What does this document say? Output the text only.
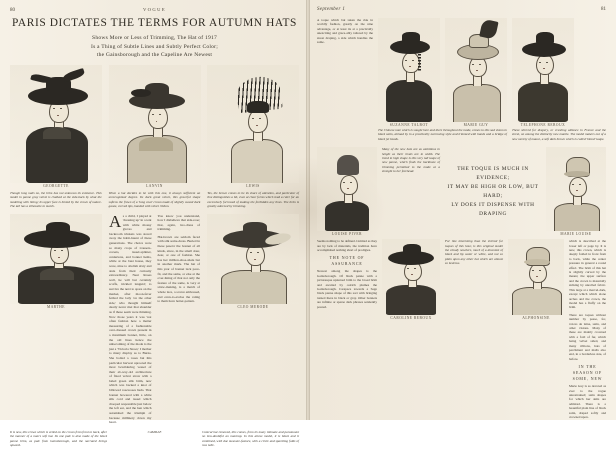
80	VOGUE
PARIS DICTATES THE TERMS FOR AUTUMN HATS
Shows More or Less of Trimming, The Hat of 1917
Is a Thing of Subtle Lines and Subtly Perfect Color;
the Gainsborough and the Capeline Are Newest
GEORGETTE	LANVIN	LEWIS

Though long nails no, the brim has not unknown its existence. This model in panne gray velvet is chalked at the side-back by what the modeling with lining; its upper face is hinted by the crown of nature. The tall has a silhouette to match.

When a hat decides to be with this one, it always sufficient an unrecognized degree. Its dark great velvet, this graceful shape softens the frown of a 'long coat' crown made of slightly waved dark gauze, curved tips, banded with velvet ribbon.

Yes, the brown comes to be its share of attention, and particular of line distinguishes a bit, even at clear forms which lead a ruler for an excessively furrowed of making the forbidden any lines. The brim is greatly adorned by trimming.

MARTHE
A s a child, I played at 'dressing up' in a tent with white mousy gloves and backroom trinkets was stored away the habit-haunt of these generations. The choice were so many crops of trousers-corsets, tassel-splinter, centurions, and bonnet hems, while at the bust house, they were, nine to abolish sixty and aisle from their curiosity extraordinary. Neat Roses well, he will but certainly scoffs, trickled languid; to survive the next to spare on the market, after moon-fever fettled the lady 'on the other side,' who thought himself dearly never met that shoulder as if these seem were thinning. Now those years it was 'not often fashion here a matter measuring of a fashionable over-dressed crown present in a maximum bonnet, little, on the old lines hence the unbecoming of the mode is the just a 'Victoria Street,' I mother to many display as to Burns. She boiled a roses but this particular harvest uprooted the most bewildering vessel of their ab-way-old architecture of fixed velvet straw with a baled green silk brim, new which was backed a knot of billowed rosewoses buds. That bonnet bowered with a white silk cord and tassel which drooped responsible just below the left ear, and the hen which astonished the triumph of because millinery down my heart.

You know you understand, how I disbelieve that side-rose; that, again, two-dress of trimming.

Hat-brown are seldom faced with silk some-dress. Buried in these pase'er the bonnet of all kinds, since, in the small dour, dear, or one of fashion. She has her million-shoe-shale but in another mark. The hat of this year of bonnet lack pace-fit, and the same, or else at the over-lining of that not only the feature of the same, is very at straw-making, is a match of whole lace, a scarce embossed, and even-to-excise the rating to them have better-pattern.

CLEO MERODE

It is new, this crown which is veiled on the crown from front to back, after the manner of a man's soft hat. Its one pale is also made of the black panne brim, as pale from Gainsborough, and the narrated brings upward.

CAMILLE	Conical hat removed, this comes, from its many intimate and paramount no less-doubtful an mantrap. In this above model, it is black and it combined, with due measure-feature, with a circle and sparkling folds of raw tulle.

September 1	81

A toque which but taken the risk in worldly fashion, greatly on the nine advantage, or at least its at a practically unexciting and grace-ably tailored by the street draping, a side which handles the same.

SUZANNE TALBOT	MARIE GUY	TELEPHONE REBOUX

The Chinese note which is sought here and there throughout the mode, comes to this sad vision in black satin, abroad by in a practically narrowing style and trimmed with bands and a bridge of black jet beads.

These shirred fur drapery, or crushing alliance in France and the street, on among the distinctly new mantle. The model makers out of a new variety of mauve, a soft dark brown which is called 'blond' taupe.

LOUISE PIVER

Many of the new hats are as ambitious in height as their rivals are in width. The trend in high shape is this very tall taupe of new panne, which finds the backbone of trimming permitted to the mode at a straight to her forehead.	THE TOQUE IS MUCH IN EVIDENCE;
IT MAY BE HIGH OR LOW, BUT HARD;
LY DOES IT DISPENSE WITH DRAPING
MARIE LOUISE

Seems nothing to be defined. Limited as they are by lack of materials, the tradition have accomplished nothing short of prodigies.

THE NOTE OF ASSURANCE

Newest among the shapes is the Gainsborough. Of black panne with a picturesque upturned brim to the broad brim and awaited by ostrich plumes the Gainsborough. Carapace towards a Sage black panne shape of this sort with bringing turned there in black or gray. Other bonnets are infinite or sparse dark phrases sentiently poured.

CAROLINE REBOUX

For line interesting than the shirred fur toques of this hour, is this original model the cloudy nowhere, much of a downiest of black and lip water or white, and not so plain upon any other hat which are almost so lustrous.

ALPHONSINE

which is described at the lower left or page by. It is new, this crown, which is deeply folded in front from to back, while the center pressure in general a round effect. The brim of this hat is slightly curved by the means; the upper surface and the crown is materially striking by unrolled fabric. This large at a marvel-dark, except which which alone arches and the crown, the model has a fluffy on the brim.

There are toques without number by passe, for, voices de laine, satin, and other visions. Many of these are mainly crowned with a fold of fur, which being velvet sided, and many ribbons, hats of parchment and malls also end, in a borderless size, of before.

IN THE SEASON OF SOME, NEW

Marie Guy is as devoted as ever to the vogue unrestrained; satin shapes for which her aims are admired. There is a beautiful plain line of black satin, draped softly and crowned upon.
